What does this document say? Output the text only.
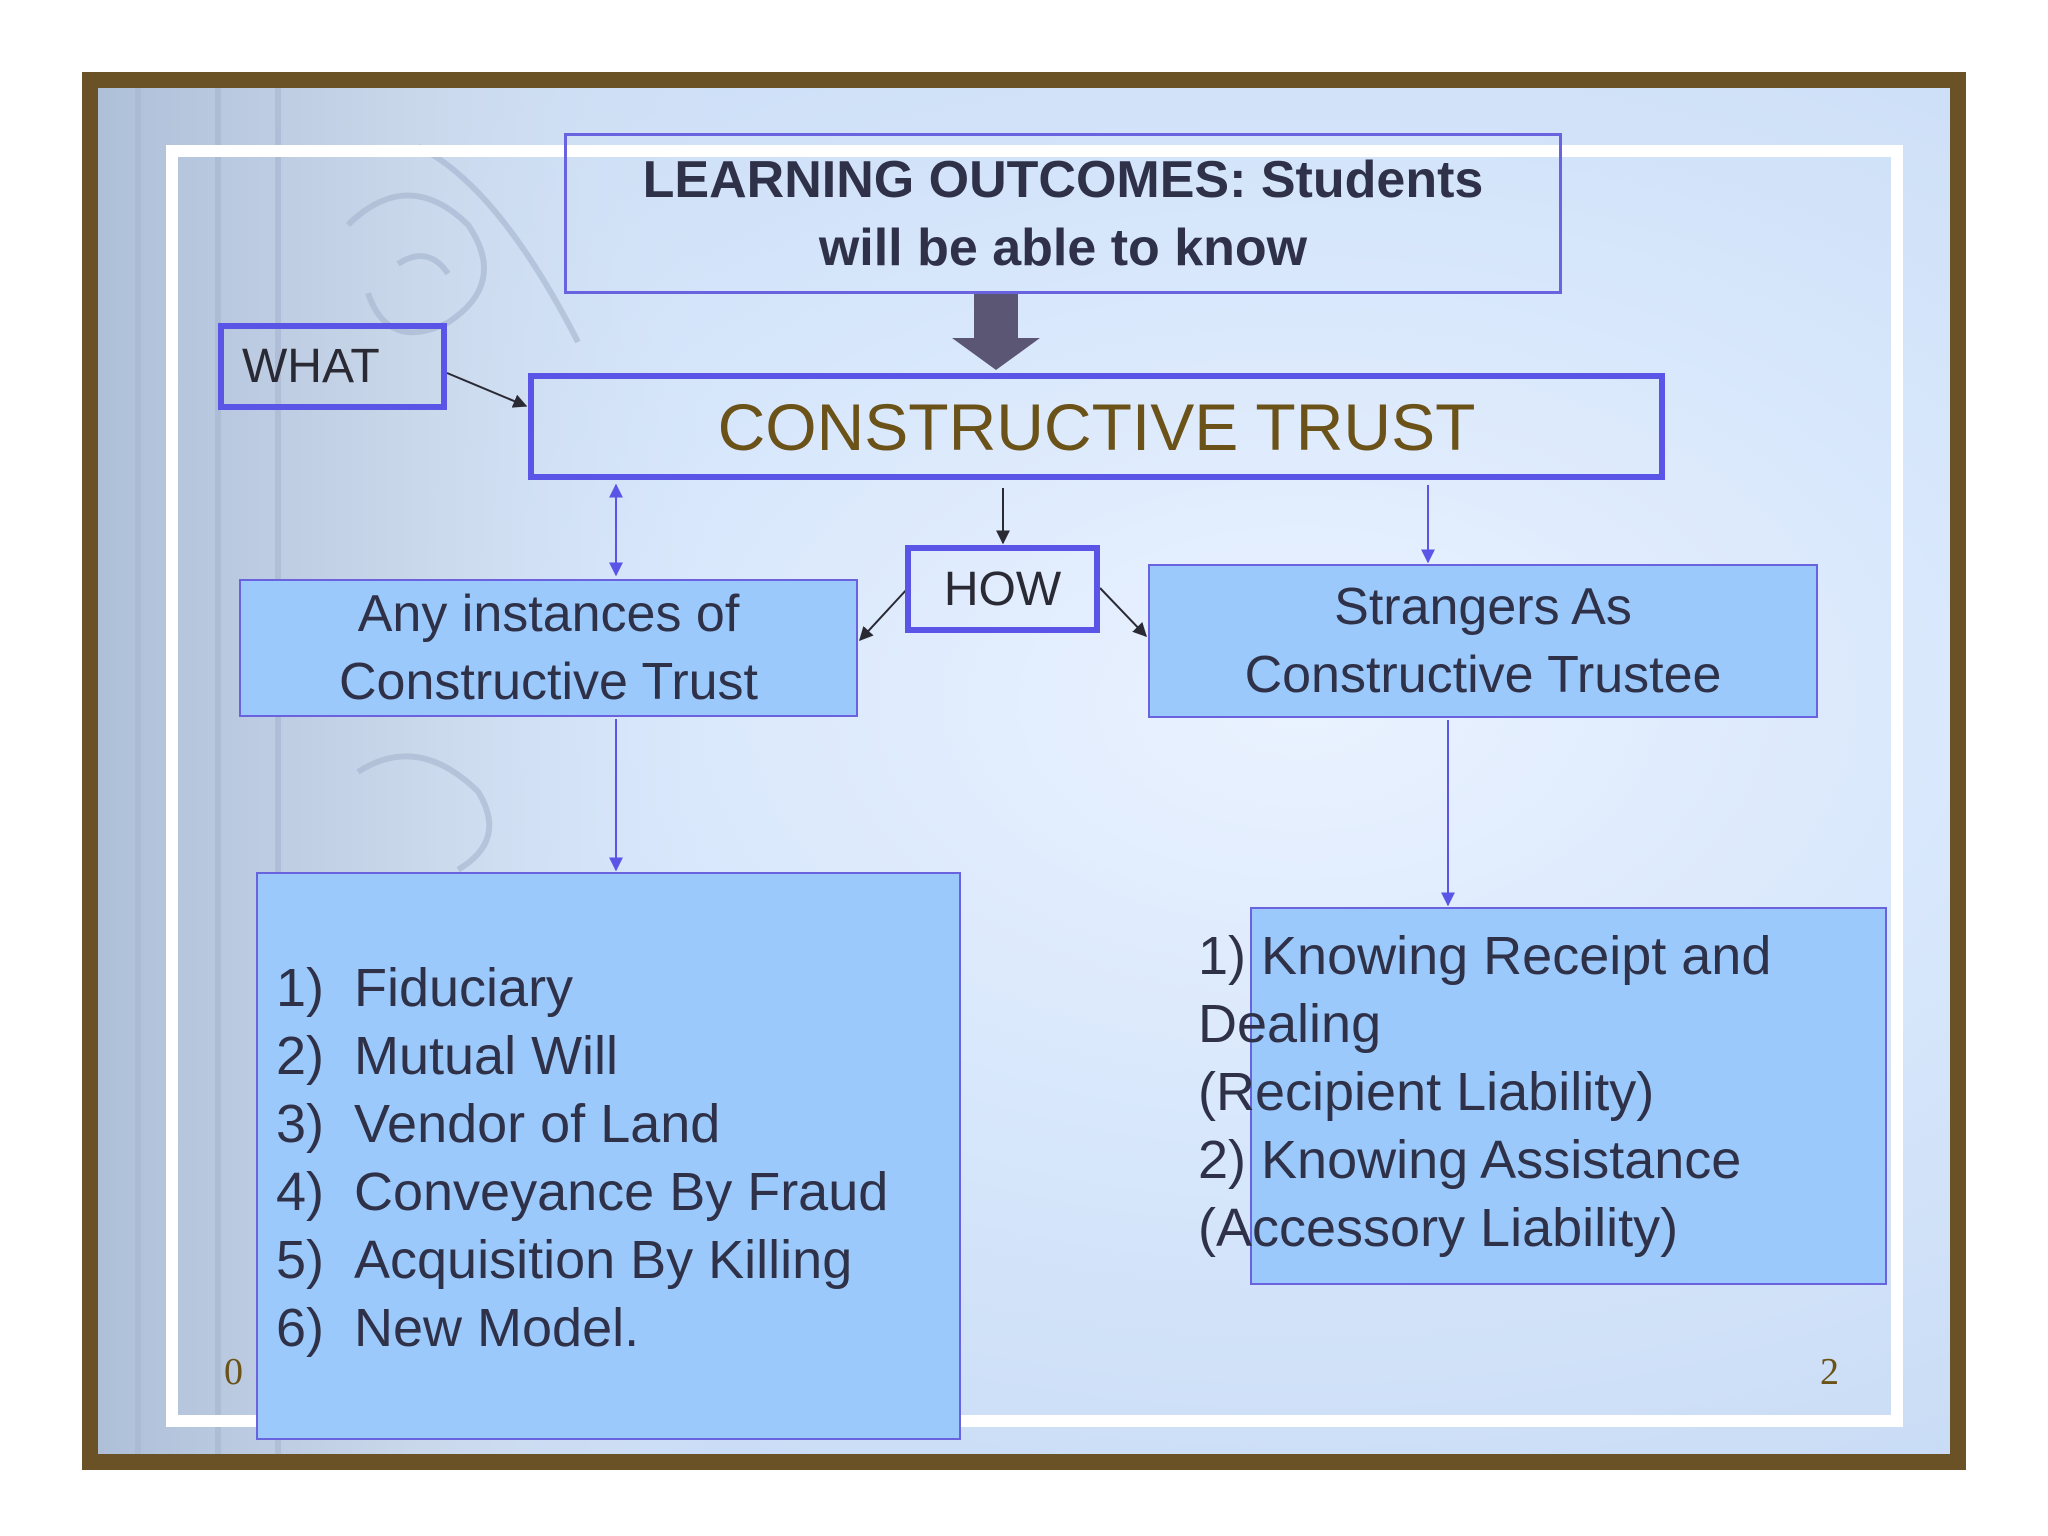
LEARNING OUTCOMES: Students
will be able to know
WHAT
CONSTRUCTIVE TRUST
HOW
Any instances of
Constructive Trust
Strangers As
Constructive Trustee
1) Fiduciary
2) Mutual Will
3) Vendor of Land
4) Conveyance By Fraud
5) Acquisition By Killing
6) New Model.
1) Knowing Receipt and
Dealing
(Recipient Liability)
2) Knowing Assistance
(Accessory Liability)
0	2
